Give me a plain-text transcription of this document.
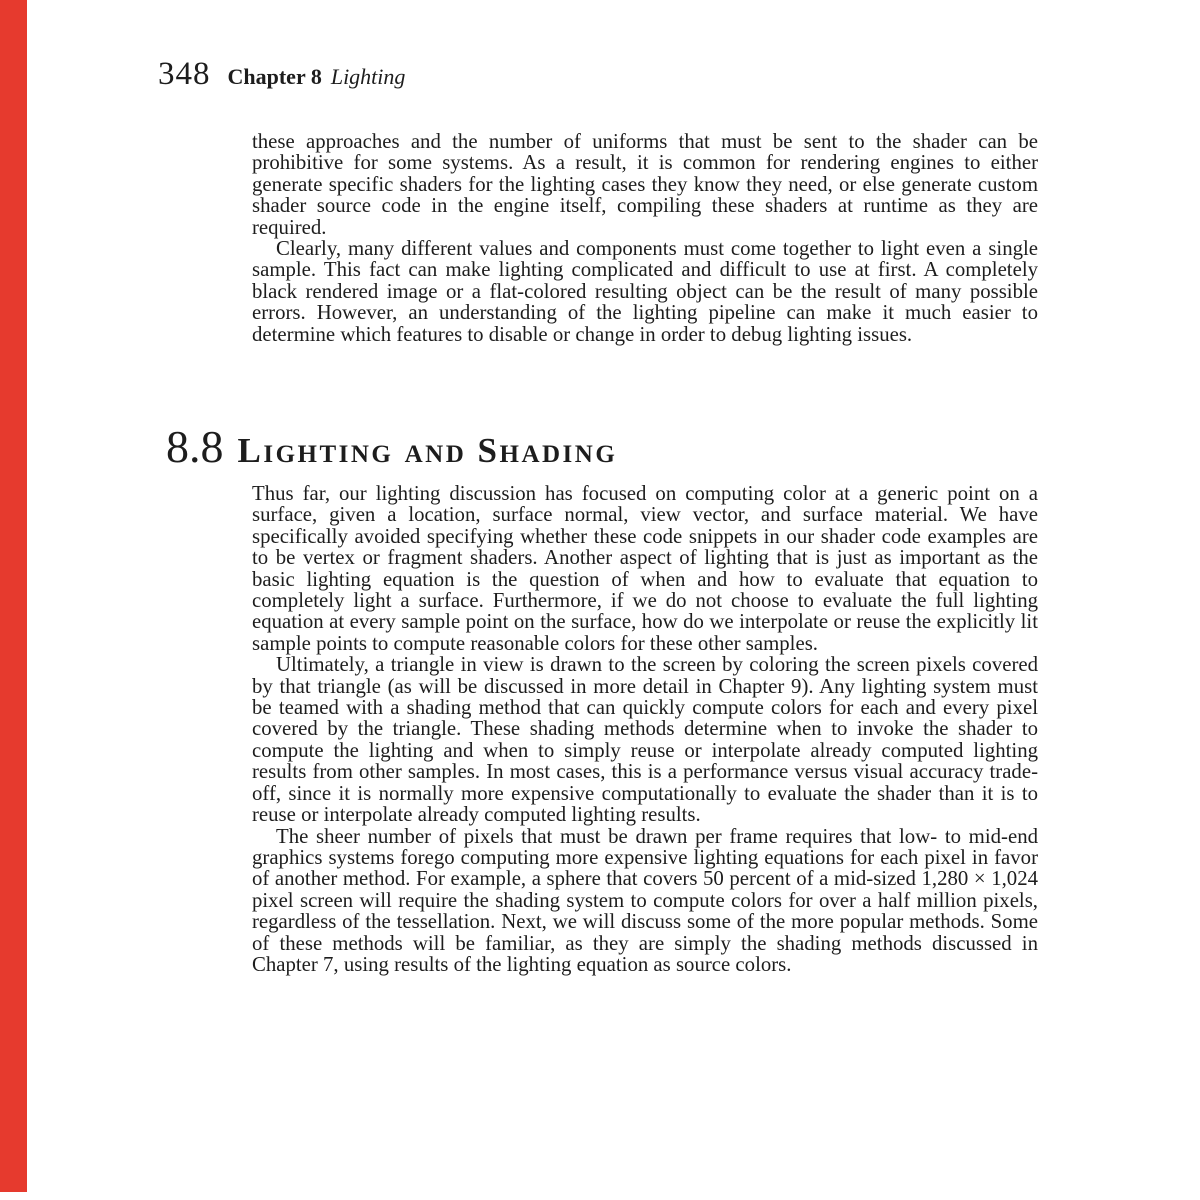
348 Chapter 8 Lighting

these approaches and the number of uniforms that must be sent to the shader can be prohibitive for some systems. As a result, it is common for rendering engines to either generate specific shaders for the lighting cases they know they need, or else generate custom shader source code in the engine itself, compiling these shaders at runtime as they are required.

Clearly, many different values and components must come together to light even a single sample. This fact can make lighting complicated and difficult to use at first. A completely black rendered image or a flat-colored resulting object can be the result of many possible errors. However, an understanding of the lighting pipeline can make it much easier to determine which features to disable or change in order to debug lighting issues.

8.8 Lighting and Shading

Thus far, our lighting discussion has focused on computing color at a generic point on a surface, given a location, surface normal, view vector, and surface material. We have specifically avoided specifying whether these code snippets in our shader code examples are to be vertex or fragment shaders. Another aspect of lighting that is just as important as the basic lighting equation is the question of when and how to evaluate that equation to completely light a surface. Furthermore, if we do not choose to evaluate the full lighting equation at every sample point on the surface, how do we interpolate or reuse the explicitly lit sample points to compute reasonable colors for these other samples.

Ultimately, a triangle in view is drawn to the screen by coloring the screen pixels covered by that triangle (as will be discussed in more detail in Chapter 9). Any lighting system must be teamed with a shading method that can quickly compute colors for each and every pixel covered by the triangle. These shading methods determine when to invoke the shader to compute the lighting and when to simply reuse or interpolate already computed lighting results from other samples. In most cases, this is a performance versus visual accuracy trade-off, since it is normally more expensive computationally to evaluate the shader than it is to reuse or interpolate already computed lighting results.

The sheer number of pixels that must be drawn per frame requires that low- to mid-end graphics systems forego computing more expensive lighting equations for each pixel in favor of another method. For example, a sphere that covers 50 percent of a mid-sized 1,280 × 1,024 pixel screen will require the shading system to compute colors for over a half million pixels, regardless of the tessellation. Next, we will discuss some of the more popular methods. Some of these methods will be familiar, as they are simply the shading methods discussed in Chapter 7, using results of the lighting equation as source colors.
